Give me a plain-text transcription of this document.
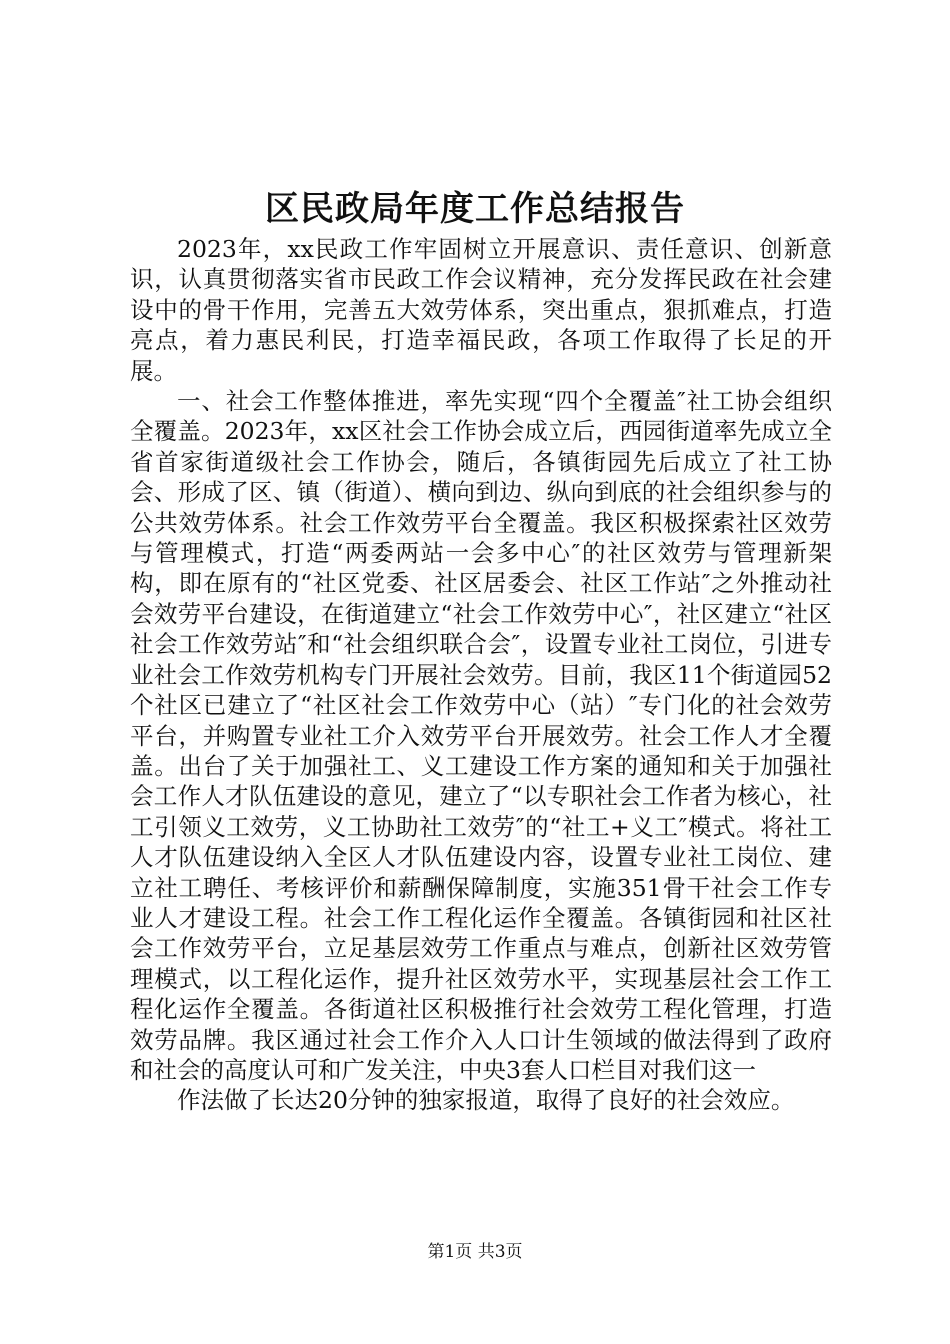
区民政局年度工作总结报告

2023年，xx民政工作牢固树立开展意识、责任意识、创新意识，认真贯彻落实省市民政工作会议精神，充分发挥民政在社会建设中的骨干作用，完善五大效劳体系，突出重点，狠抓难点，打造亮点，着力惠民利民，打造幸福民政，各项工作取得了长足的开展。

一、社会工作整体推进，率先实现“四个全覆盖″社工协会组织全覆盖。2023年，xx区社会工作协会成立后，西园街道率先成立全省首家街道级社会工作协会，随后，各镇街园先后成立了社工协会、形成了区、镇（街道）、横向到边、纵向到底的社会组织参与的公共效劳体系。社会工作效劳平台全覆盖。我区积极探索社区效劳与管理模式，打造“两委两站一会多中心″的社区效劳与管理新架构，即在原有的“社区党委、社区居委会、社区工作站″之外推动社会效劳平台建设，在街道建立“社会工作效劳中心″，社区建立“社区社会工作效劳站″和“社会组织联合会″，设置专业社工岗位，引进专业社会工作效劳机构专门开展社会效劳。目前，我区11个街道园52个社区已建立了“社区社会工作效劳中心（站）″专门化的社会效劳平台，并购置专业社工介入效劳平台开展效劳。社会工作人才全覆盖。出台了关于加强社工、义工建设工作方案的通知和关于加强社会工作人才队伍建设的意见，建立了“以专职社会工作者为核心，社工引领义工效劳，义工协助社工效劳″的“社工+义工″模式。将社工人才队伍建设纳入全区人才队伍建设内容，设置专业社工岗位、建立社工聘任、考核评价和薪酬保障制度，实施351骨干社会工作专业人才建设工程。社会工作工程化运作全覆盖。各镇街园和社区社会工作效劳平台，立足基层效劳工作重点与难点，创新社区效劳管理模式，以工程化运作，提升社区效劳水平，实现基层社会工作工程化运作全覆盖。各街道社区积极推行社会效劳工程化管理，打造效劳品牌。我区通过社会工作介入人口计生领域的做法得到了政府和社会的高度认可和广发关注，中央3套人口栏目对我们这一

作法做了长达20分钟的独家报道，取得了良好的社会效应。

第1页 共3页
